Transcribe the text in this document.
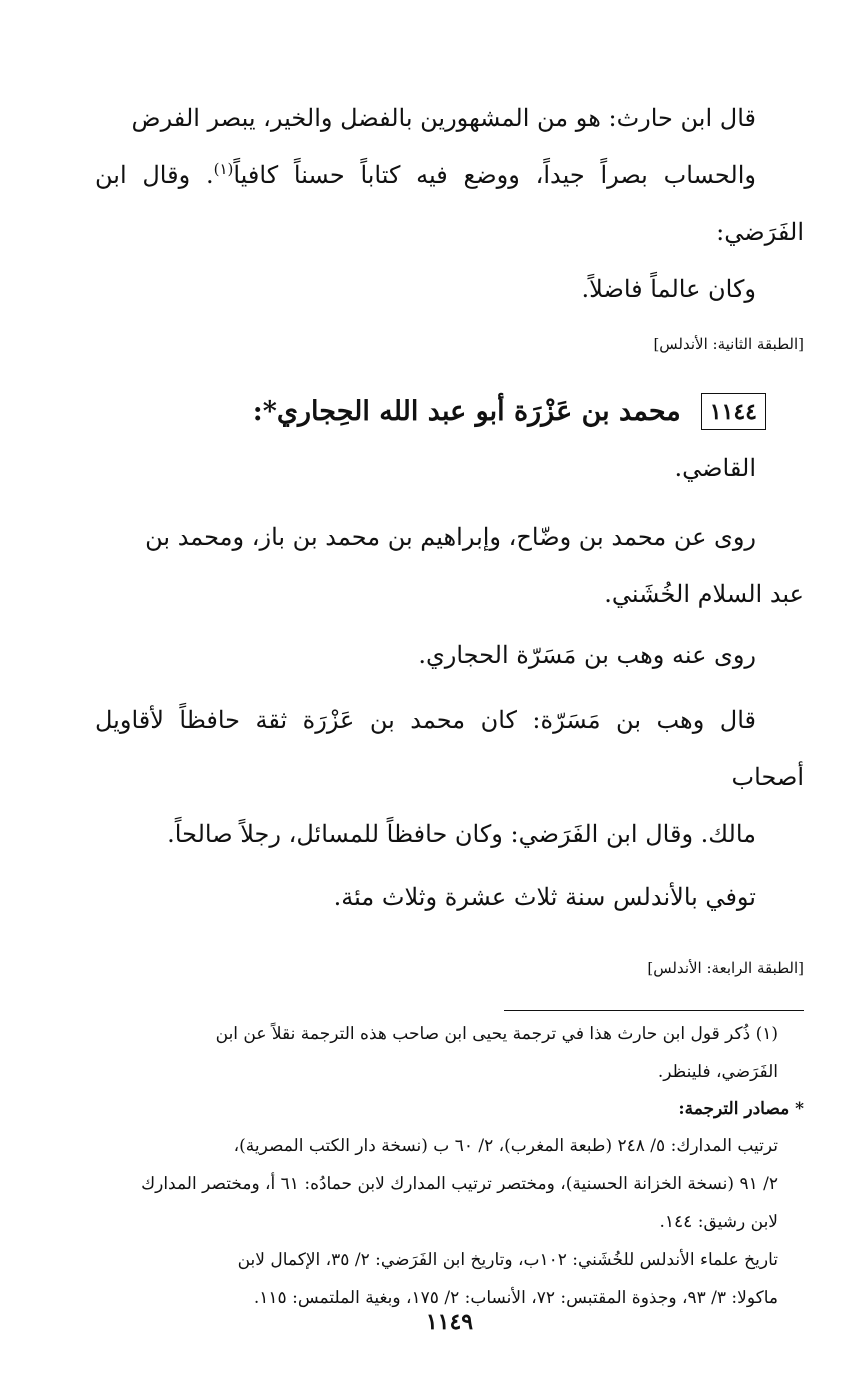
قال ابن حارث: هو من المشهورين بالفضل والخير، يبصر الفرض
والحساب بصراً جيداً، ووضع فيه كتاباً حسناً كافياً$^{(١)}$. وقال ابن الفَرَضي:
وكان عالماً فاضلاً.

[الطبقة الثانية: الأندلس]
١١٤٤
محمد بن عَزْرَة أبو عبد الله الحِجاري*:

القاضي.

روى عن محمد بن وضّاح، وإبراهيم بن محمد بن باز، ومحمد بن
عبد السلام الخُشَني.

روى عنه وهب بن مَسَرّة الحجاري.

قال وهب بن مَسَرّة: كان محمد بن عَزْرَة ثقة حافظاً لأقاويل أصحاب
مالك. وقال ابن الفَرَضي: وكان حافظاً للمسائل، رجلاً صالحاً.

توفي بالأندلس سنة ثلاث عشرة وثلاث مئة.

[الطبقة الرابعة: الأندلس]

(١) ذُكر قول ابن حارث هذا في ترجمة يحيى ابن صاحب هذه الترجمة نقلاً عن ابن
الفَرَضي، فلينظر.

* مصادر الترجمة:

ترتيب المدارك: ٥/ ٢٤٨ (طبعة المغرب)، ٢/ ٦٠ ب (نسخة دار الكتب المصرية)،
٢/ ٩١ (نسخة الخزانة الحسنية)، ومختصر ترتيب المدارك لابن حمادُه: ٦١ أ، ومختصر المدارك
لابن رشيق: ١٤٤.

تاريخ علماء الأندلس للخُشَني: ١٠٢ب، وتاريخ ابن الفَرَضي: ٢/ ٣٥، الإكمال لابن
ماكولا: ٣/ ٩٣، وجذوة المقتبس: ٧٢، الأنساب: ٢/ ١٧٥، وبغية الملتمس: ١١٥.

١١٤٩
